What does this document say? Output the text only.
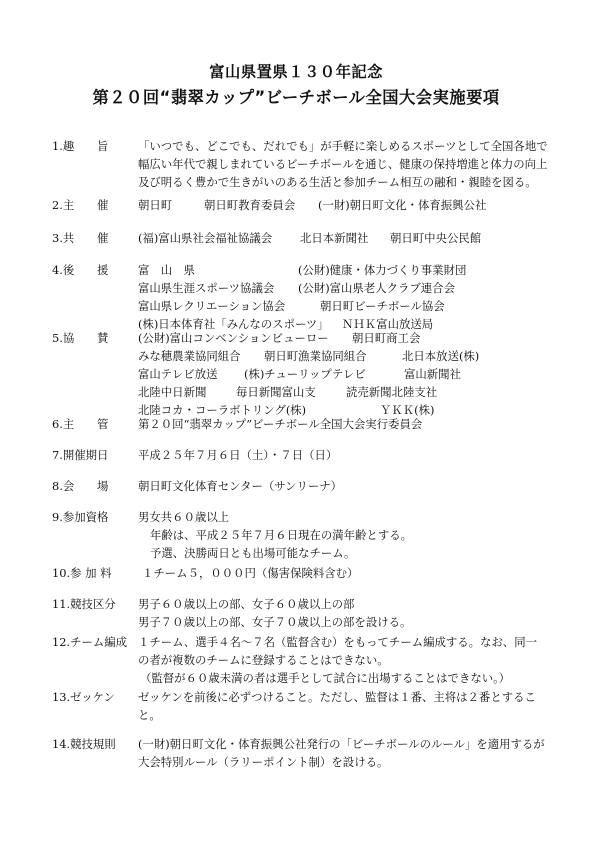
富山県置県１３０年記念
第２０回“翡翠カップ”ビーチボール全国大会実施要項
1.趣　　旨	「いつでも、どこでも、だれでも」が手軽に楽しめるスポーツとして全国各地で
幅広い年代で親しまれているビーチボールを通じ、健康の保持増進と体力の向上
及び明るく豊かで生きがいのある生活と参加チーム相互の融和・親睦を図る。
2.主　　催	朝日町	朝日町教育委員会 (一財)朝日町文化・体育振興公社
3.共　　催	(福)富山県社会福祉協議会 北日本新聞社 朝日町中央公民館
4.後　　援	富　山　県	(公財)健康・体力づくり事業財団
富山県生涯スポーツ協議会 (公財)富山県老人クラブ連合会
富山県レクリエーション協会	朝日町ビーチボール協会
(株)日本体育社「みんなのスポーツ」 ＮＨＫ富山放送局
5.協　　賛	(公財)富山コンベンションビューロー 朝日町商工会
みな穂農業協同組合 朝日町漁業協同組合	北日本放送(株)
富山テレビ放送 (株)チューリップテレビ	富山新聞社
北陸中日新聞	毎日新聞富山支	読売新聞北陸支社
北陸コカ・コーラボトリング(株)	ＹＫＫ(株)
6.主　　管	第２０回“翡翠カップ”ビーチボール全国大会実行委員会
7.開催期日	平成２５年７月６日（土）・７日（日）
8.会　　場	朝日町文化体育センター（サンリーナ）
9.参加資格	男女共６０歳以上
年齢は、平成２５年７月６日現在の満年齢とする。
予選、決勝両日とも出場可能なチーム。
10.参 加 料	１チーム５，０００円（傷害保険料含む）
11.競技区分 男子６０歳以上の部、女子６０歳以上の部
男子７０歳以上の部、女子７０歳以上の部を設ける。
12.チーム編成 １チーム、選手４名～７名（監督含む）をもってチーム編成する。なお、同一
の者が複数のチームに登録することはできない。
（監督が６０歳未満の者は選手として試合に出場することはできない。）
13.ゼッケン ゼッケンを前後に必ずつけること。ただし、監督は１番、主将は２番とするこ
と。
14.競技規則 (一財)朝日町文化・体育振興公社発行の「ビーチボールのルール」を適用するが
大会特別ルール（ラリーポイント制）を設ける。
